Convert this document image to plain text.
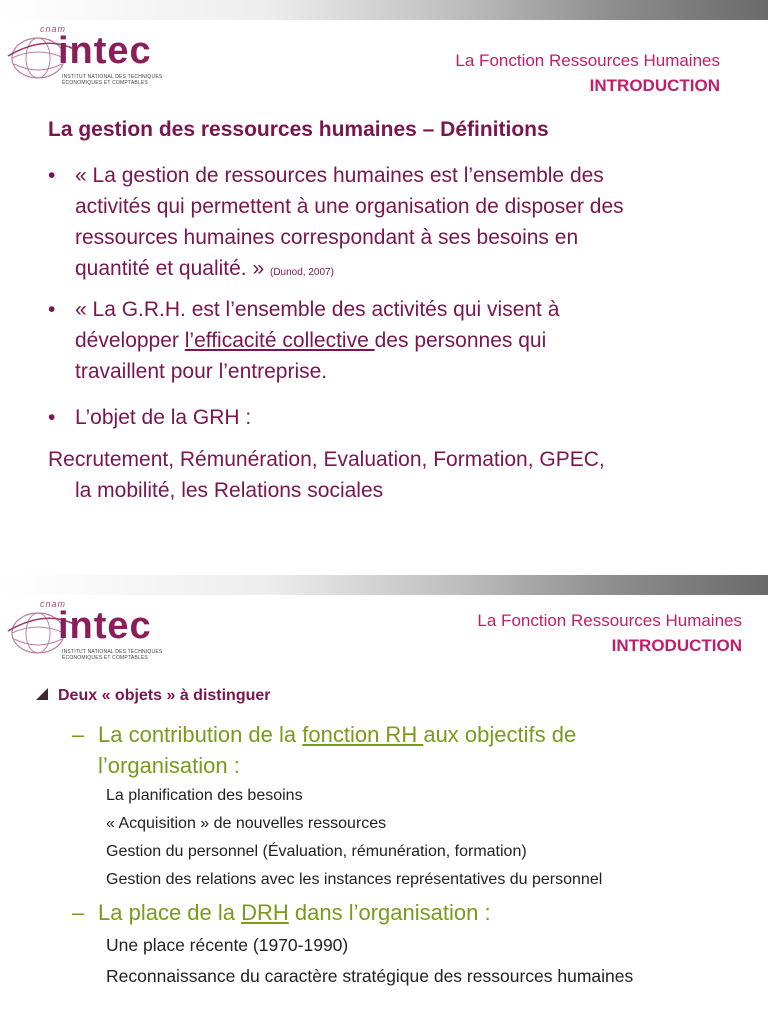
cnam
intec
INSTITUT NATIONAL DES TECHNIQUES
ÉCONOMIQUES ET COMPTABLES
La Fonction Ressources Humaines
INTRODUCTION
La gestion des ressources humaines – Définitions
• « La gestion de ressources humaines est l’ensemble des
activités qui permettent à une organisation de disposer des
ressources humaines correspondant à ses besoins en
quantité et qualité. » (Dunod, 2007)
• « La G.R.H. est l’ensemble des activités qui visent à
développer l’efficacité collective des personnes qui
travaillent pour l’entreprise.
• L’objet de la GRH :
Recrutement, Rémunération, Evaluation, Formation, GPEC,
la mobilité, les Relations sociales
cnam
intec
INSTITUT NATIONAL DES TECHNIQUES
ÉCONOMIQUES ET COMPTABLES
La Fonction Ressources Humaines
INTRODUCTION
Deux « objets » à distinguer
– La contribution de la fonction RH aux objectifs de
l’organisation :
La planification des besoins
« Acquisition » de nouvelles ressources
Gestion du personnel (Évaluation, rémunération, formation)
Gestion des relations avec les instances représentatives du personnel
– La place de la DRH dans l’organisation :
Une place récente (1970-1990)
Reconnaissance du caractère stratégique des ressources humaines
